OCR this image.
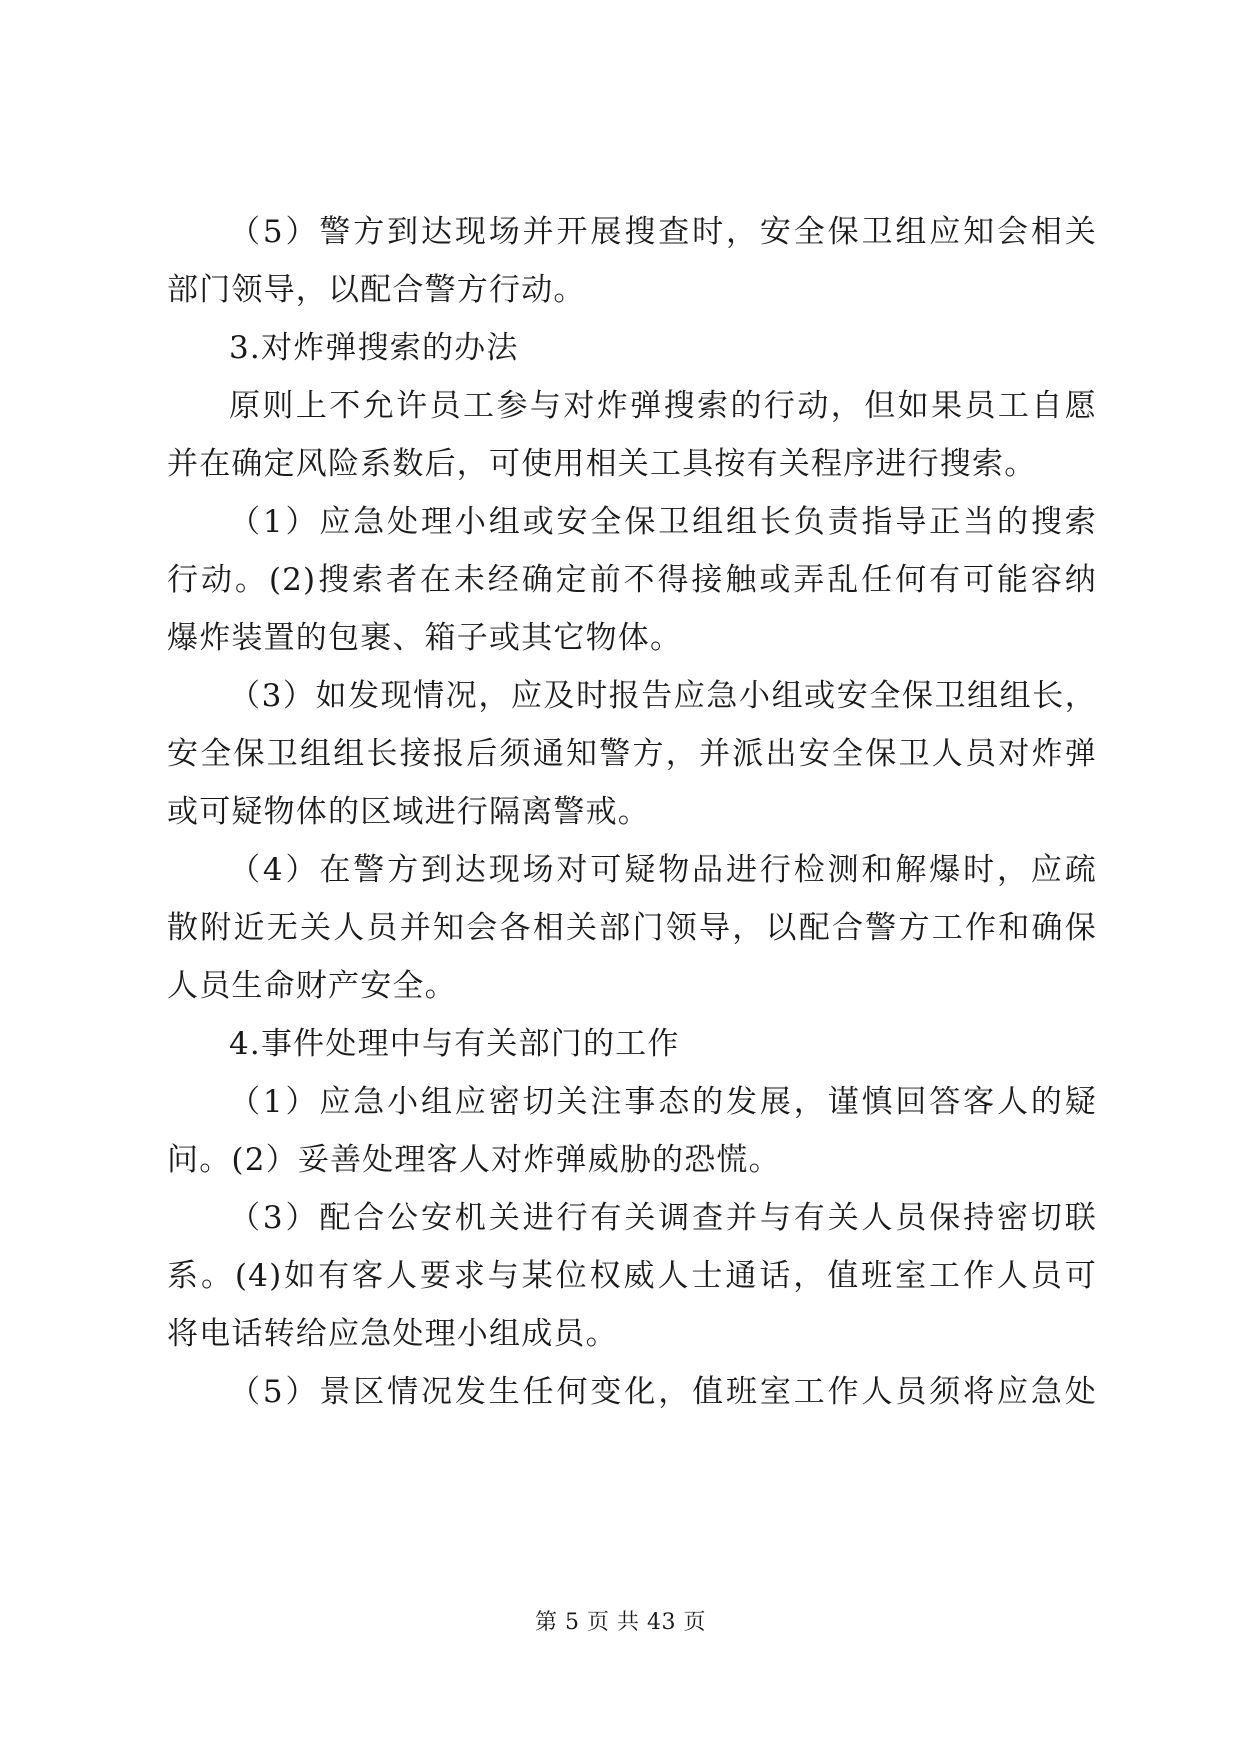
（5）警方到达现场并开展搜查时，安全保卫组应知会相关
部门领导，以配合警方行动。
3.对炸弹搜索的办法
原则上不允许员工参与对炸弹搜索的行动，但如果员工自愿
并在确定风险系数后，可使用相关工具按有关程序进行搜索。
（1）应急处理小组或安全保卫组组长负责指导正当的搜索
行动。(2)搜索者在未经确定前不得接触或弄乱任何有可能容纳
爆炸装置的包裹、箱子或其它物体。
（3）如发现情况，应及时报告应急小组或安全保卫组组长，
安全保卫组组长接报后须通知警方，并派出安全保卫人员对炸弹
或可疑物体的区域进行隔离警戒。
（4）在警方到达现场对可疑物品进行检测和解爆时，应疏
散附近无关人员并知会各相关部门领导，以配合警方工作和确保
人员生命财产安全。
4.事件处理中与有关部门的工作
（1）应急小组应密切关注事态的发展，谨慎回答客人的疑
问。(2）妥善处理客人对炸弹威胁的恐慌。
（3）配合公安机关进行有关调查并与有关人员保持密切联
系。(4)如有客人要求与某位权威人士通话，值班室工作人员可
将电话转给应急处理小组成员。
（5）景区情况发生任何变化，值班室工作人员须将应急处
第 5 页 共 43 页
